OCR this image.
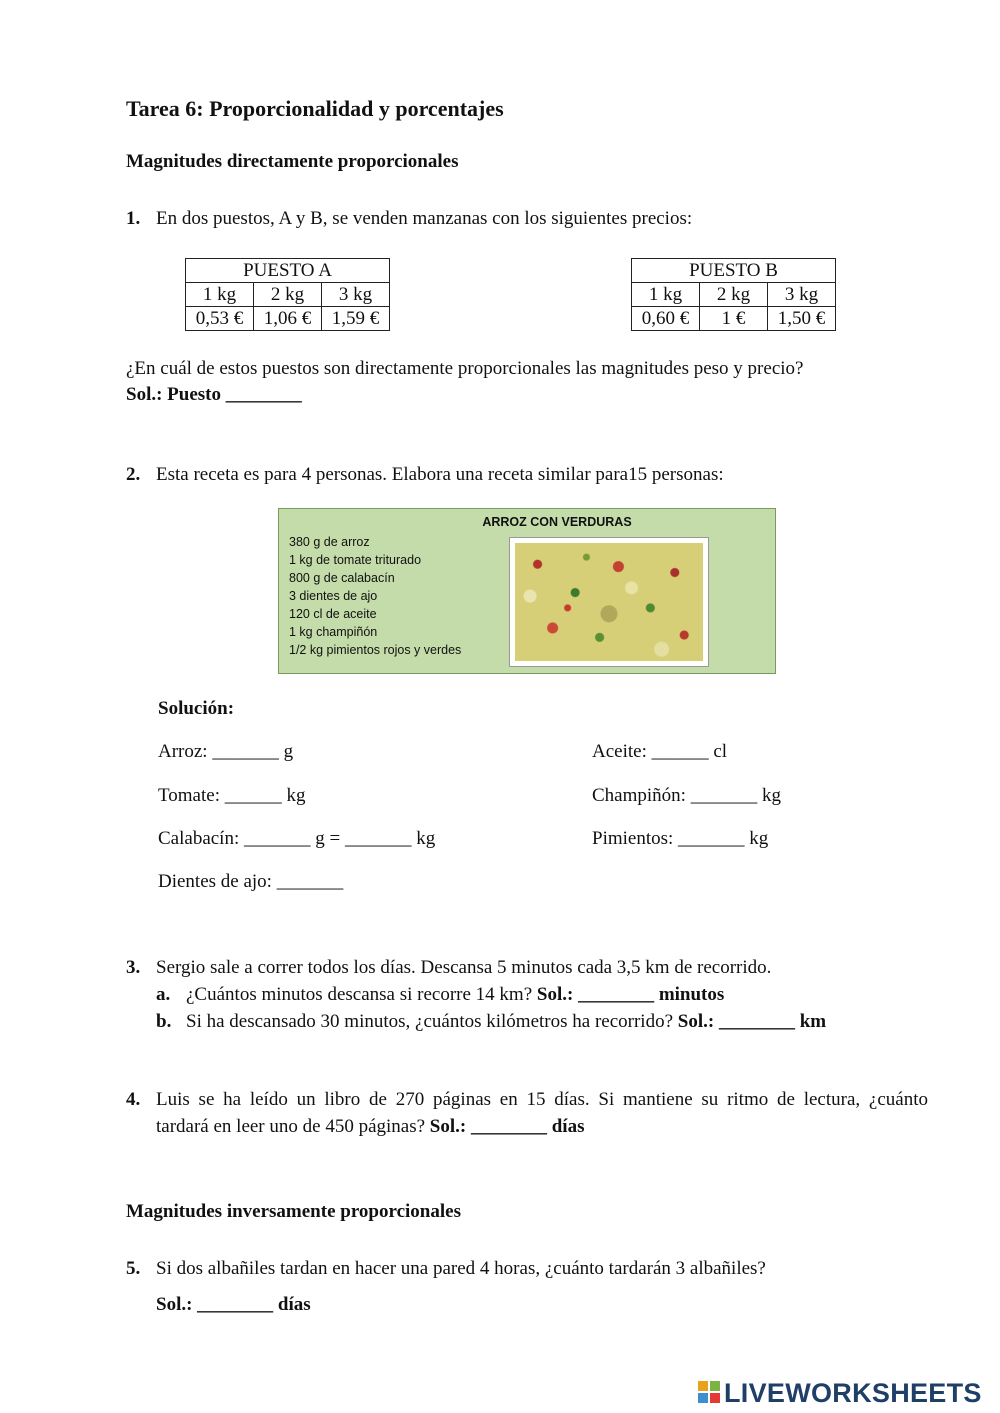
Tarea 6: Proporcionalidad y porcentajes
Magnitudes directamente proporcionales
1. En dos puestos, A y B, se venden manzanas con los siguientes precios:
PUESTO A		
1 kg	2 kg	3 kg
0,53 €	1,06 €	1,59 €
PUESTO B		
1 kg	2 kg	3 kg
0,60 €	1 €	1,50 €
¿En cuál de estos puestos son directamente proporcionales las magnitudes peso y precio?
Sol.: Puesto ________
2. Esta receta es para 4 personas. Elabora una receta similar para15 personas:
ARROZ CON VERDURAS
380 g de arroz
1 kg de tomate triturado
800 g de calabacín
3 dientes de ajo
120 cl de aceite
1 kg champiñón
1/2 kg pimientos rojos y verdes
Solución:
Arroz: _______ g
Tomate: ______ kg
Calabacín: _______ g = _______ kg
Dientes de ajo: _______
Aceite: ______ cl
Champiñón: _______ kg
Pimientos: _______ kg
3. Sergio sale a correr todos los días. Descansa 5 minutos cada 3,5 km de recorrido.
a. ¿Cuántos minutos descansa si recorre 14 km? Sol.: ________ minutos
b. Si ha descansado 30 minutos, ¿cuántos kilómetros ha recorrido? Sol.: ________ km
4. Luis se ha leído un libro de 270 páginas en 15 días. Si mantiene su ritmo de lectura, ¿cuánto
tardará en leer uno de 450 páginas? Sol.: ________ días
Magnitudes inversamente proporcionales
5. Si dos albañiles tardan en hacer una pared 4 horas, ¿cuánto tardarán 3 albañiles?
Sol.: ________ días
LIVEWORKSHEETS
